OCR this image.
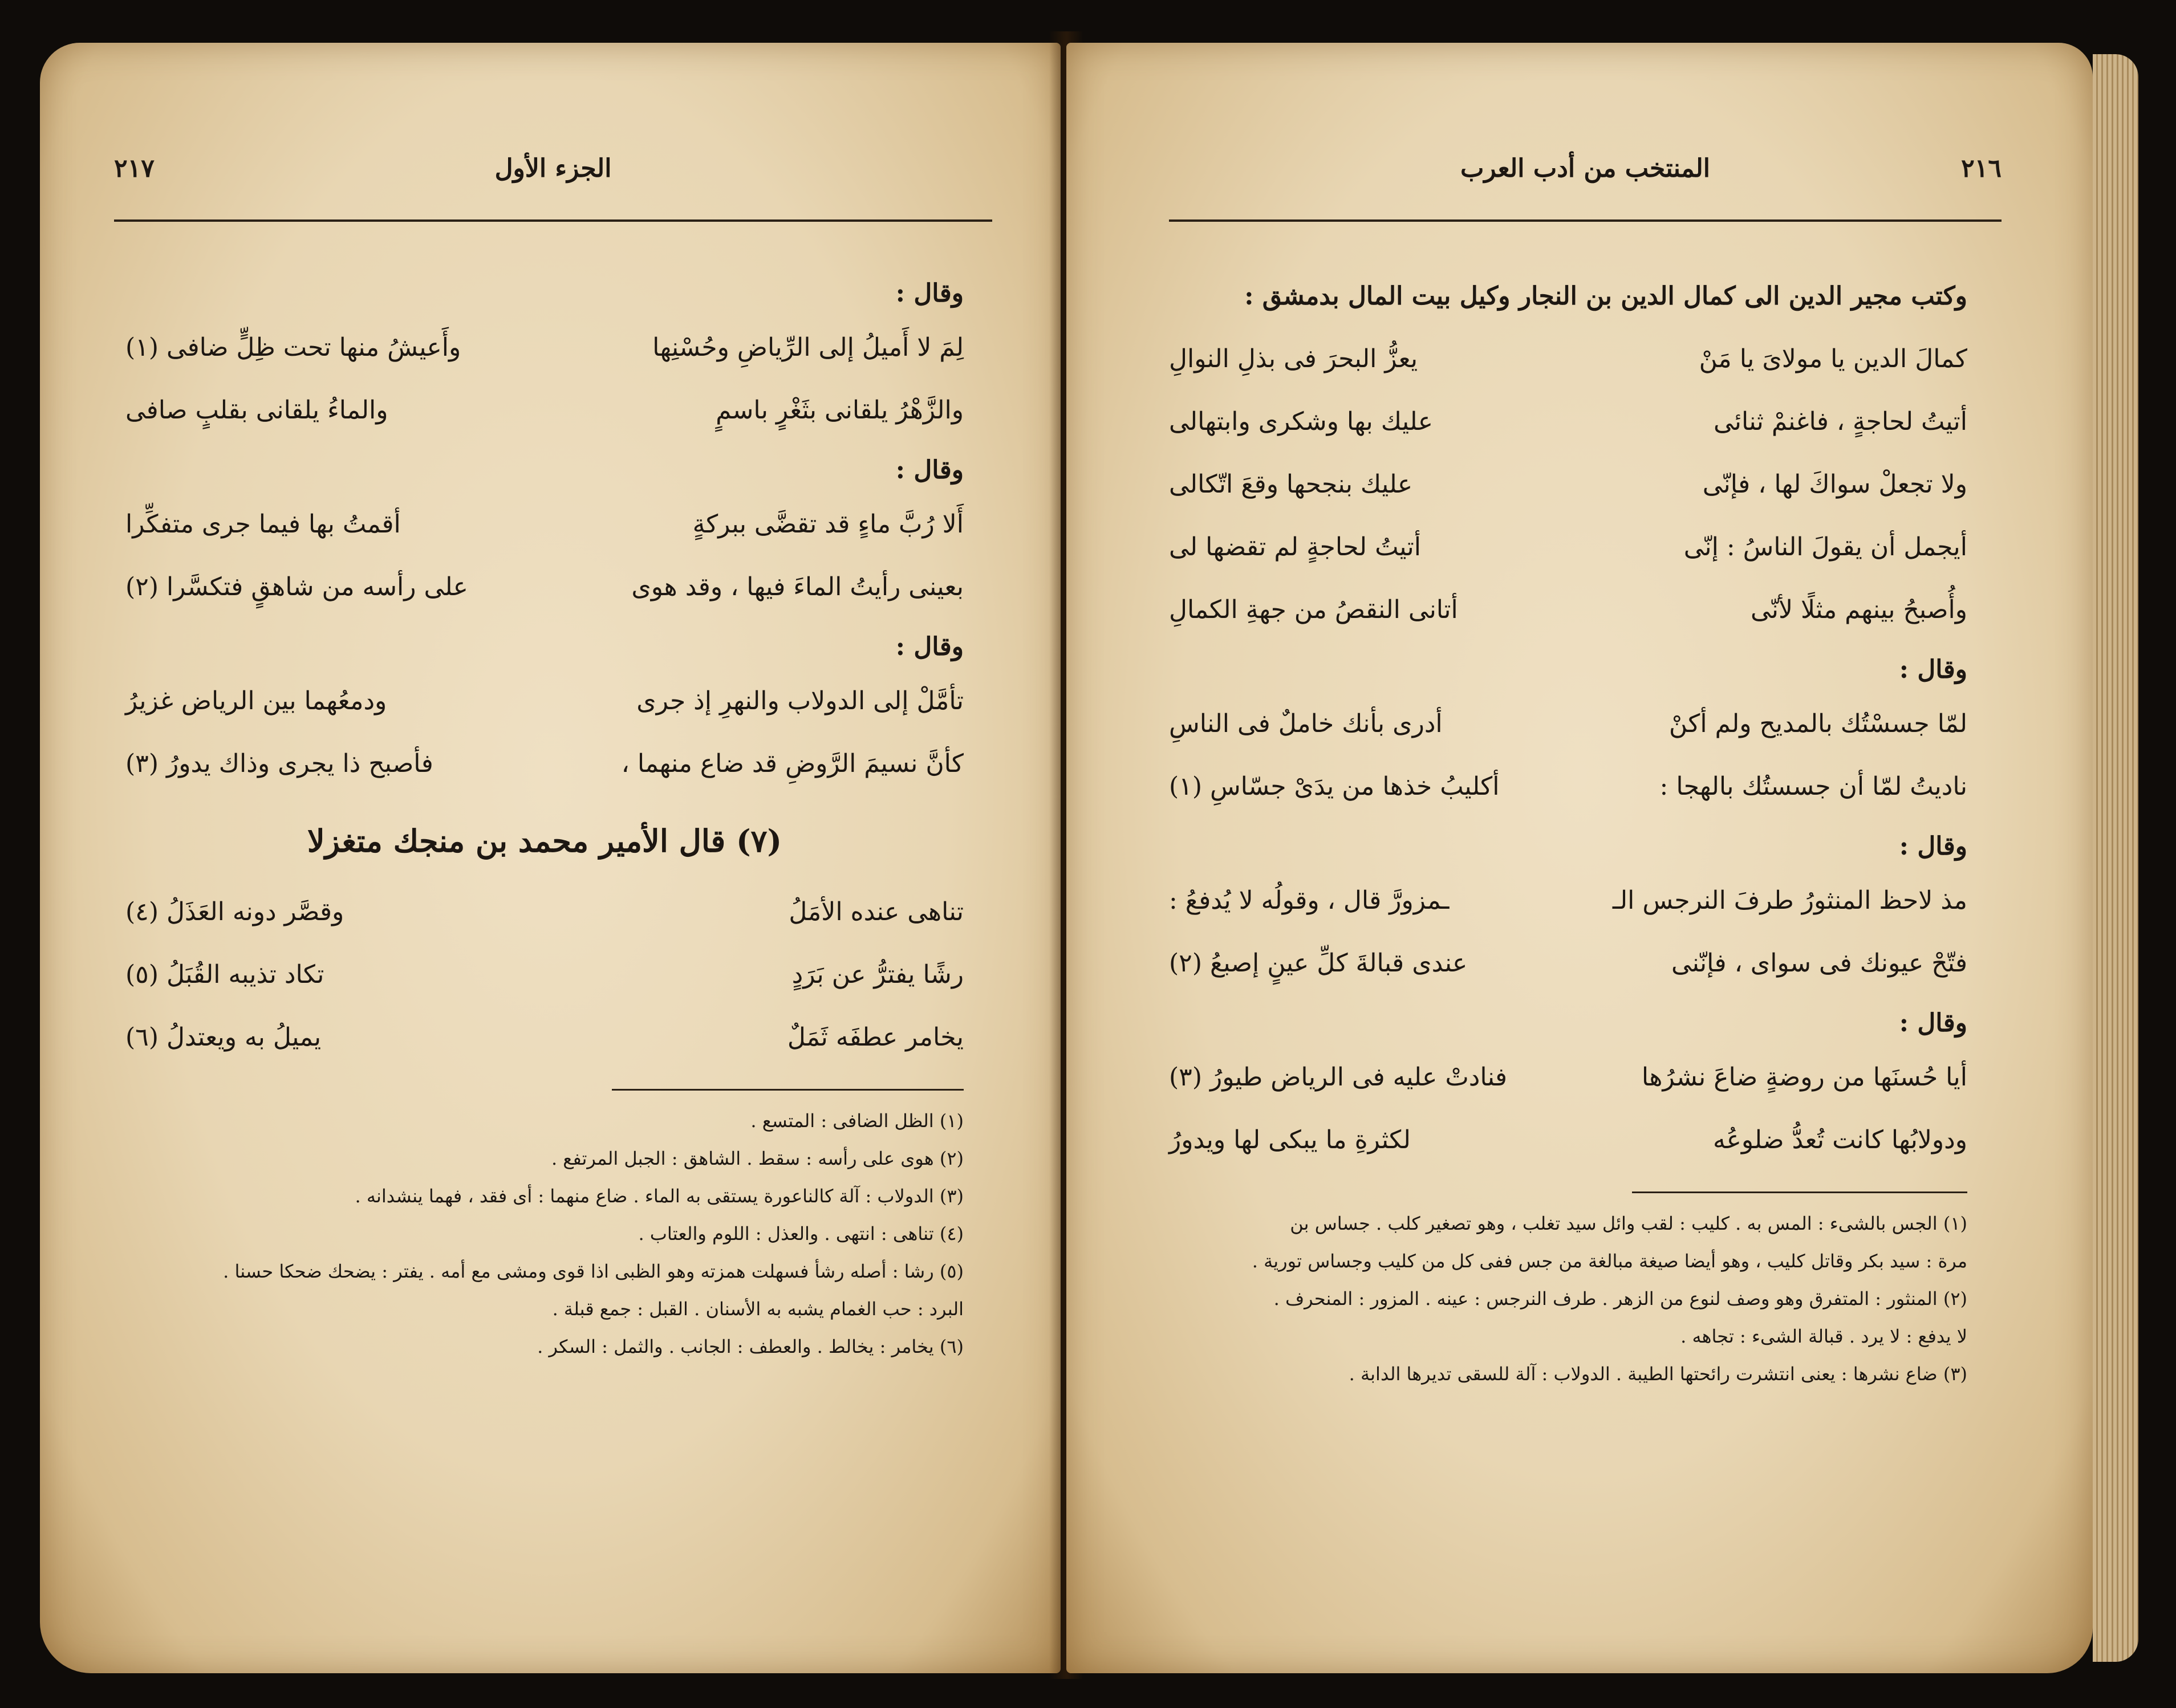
٢١٧	الجزء الأول
وقال :
لِمَ لا أَميلُ إلى الرِّياضِ وحُسْنِها
وأَعيشُ منها تحت ظِلٍّ ضافى (١)
والزَّهْرُ يلقانى بثَغْرٍ باسمٍ
والماءُ يلقانى بقلبٍ صافى
وقال :
أَلا رُبَّ ماءٍ قد تقضَّى ببركةٍ
أقمتُ بها فيما جرى متفكِّرا
بعينى رأيتُ الماءَ فيها ، وقد هوى
على رأسه من شاهقٍ فتكسَّرا (٢)
وقال :
تأمَّلْ إلى الدولاب والنهرِ إذ جرى
ودمعُهما بين الرياض غزيرُ
كأنَّ نسيمَ الرَّوضِ قد ضاع منهما ،
فأصبح ذا يجرى وذاك يدورُ (٣)
(٧) قال الأمير محمد بن منجك متغزلا
تناهى عنده الأمَلُ
وقصَّر دونه العَذَلُ (٤)
رشًا يفترُّ عن بَرَدٍ
تكاد تذيبه القُبَلُ (٥)
يخامر عطفَه ثَمَلٌ
يميلُ به ويعتدلُ (٦)
(١) الظل الضافى : المتسع .
(٢) هوى على رأسه : سقط . الشاهق : الجبل المرتفع .
(٣) الدولاب : آلة كالناعورة يستقى به الماء . ضاع منهما : أى فقد ، فهما ينشدانه .
(٤) تناهى : انتهى . والعذل : اللوم والعتاب .
(٥) رشا : أصله رشأ فسهلت همزته وهو الظبى اذا قوى ومشى مع أمه . يفتر : يضحك ضحكا حسنا .
البرد : حب الغمام يشبه به الأسنان . القبل : جمع قبلة .
(٦) يخامر : يخالط . والعطف : الجانب . والثمل : السكر .
٢١٦
المنتخب من أدب العرب
وكتب مجير الدين الى كمال الدين بن النجار وكيل بيت المال بدمشق :
كمالَ الدين يا مولاىَ يا مَنْ
يعزُّ البحرَ فى بذلِ النوالِ
أتيتُ لحاجةٍ ، فاغنمْ ثنائى
عليك بها وشكرى وابتهالى
ولا تجعلْ سواكَ لها ، فإنّى
عليك بنجحها وقعَ اتّكالى
أيجمل أن يقولَ الناسُ : إنّى
أتيتُ لحاجةٍ لم تقضها لى
وأُصبحُ بينهم مثلًا لأنّى
أتانى النقصُ من جهةِ الكمالِ
وقال :
لمّا جسسْتُك بالمديح ولم أكنْ
أدرى بأنك خاملٌ فى الناسِ
ناديتُ لمّا أن جسستُك بالهجا :
أكليبُ خذها من يدَىْ جسّاسِ (١)
وقال :
مذ لاحظ المنثورُ طرفَ النرجس الـ
ـمزورَّ قال ، وقولُه لا يُدفعُ :
فتّحْ عيونك فى سواى ، فإنّنى
عندى قبالةَ كلِّ عينٍ إصبعُ (٢)
وقال :
أيا حُسنَها من روضةٍ ضاعَ نشرُها
فنادتْ عليه فى الرياض طيورُ (٣)
ودولابُها كانت تُعدُّ ضلوعُه
لكثرةِ ما يبكى لها ويدورُ
(١) الجس بالشىء : المس به . كليب : لقب وائل سيد تغلب ، وهو تصغير كلب . جساس بن
مرة : سيد بكر وقاتل كليب ، وهو أيضا صيغة مبالغة من جس ففى كل من كليب وجساس تورية .
(٢) المنثور : المتفرق وهو وصف لنوع من الزهر . طرف النرجس : عينه . المزور : المنحرف .
لا يدفع : لا يرد . قبالة الشىء : تجاهه .
(٣) ضاع نشرها : يعنى انتشرت رائحتها الطيبة . الدولاب : آلة للسقى تديرها الدابة .
